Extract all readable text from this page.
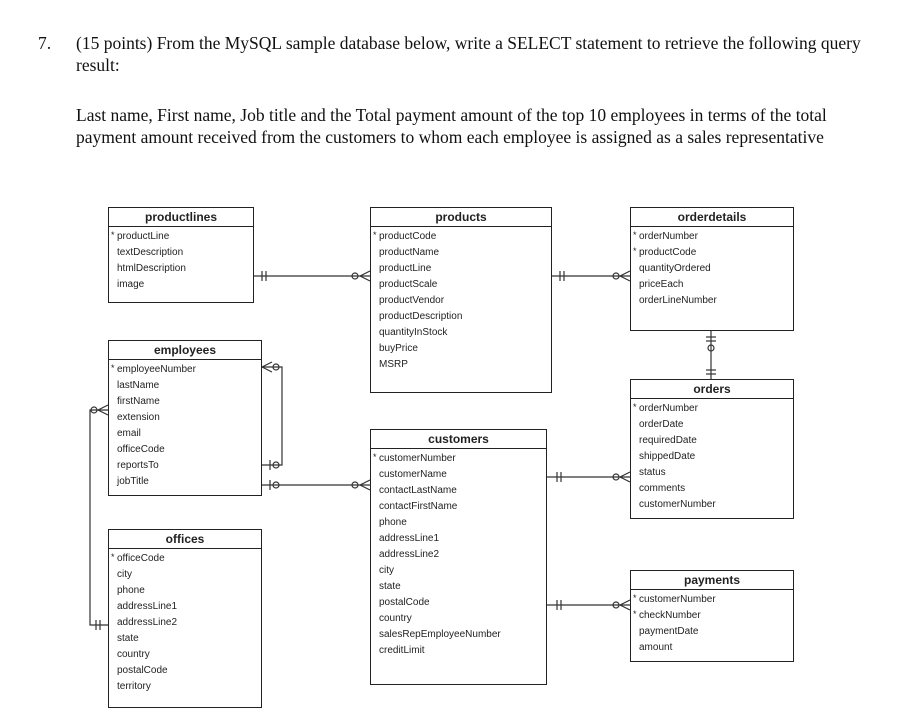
7. (15 points) From the MySQL sample database below, write a SELECT statement to retrieve the following query result:
Last name, First name, Job title and the Total payment amount of the top 10 employees in terms of the total payment amount received from the customers to whom each employee is assigned as a sales representative
productlines
* productLine
textDescription
htmlDescription
image
products
* productCode
productName
productLine
productScale
productVendor
productDescription
quantityInStock
buyPrice
MSRP
orderdetails
* orderNumber
* productCode
quantityOrdered
priceEach
orderLineNumber
employees
* employeeNumber
lastName
firstName
extension
email
officeCode
reportsTo
jobTitle
orders
* orderNumber
orderDate
requiredDate
shippedDate
status
comments
customerNumber
customers
* customerNumber
customerName
contactLastName
contactFirstName
phone
addressLine1
addressLine2
city
state
postalCode
country
salesRepEmployeeNumber
creditLimit
offices
* officeCode
city
phone
addressLine1
addressLine2
state
country
postalCode
territory
payments
* customerNumber
* checkNumber
paymentDate
amount
